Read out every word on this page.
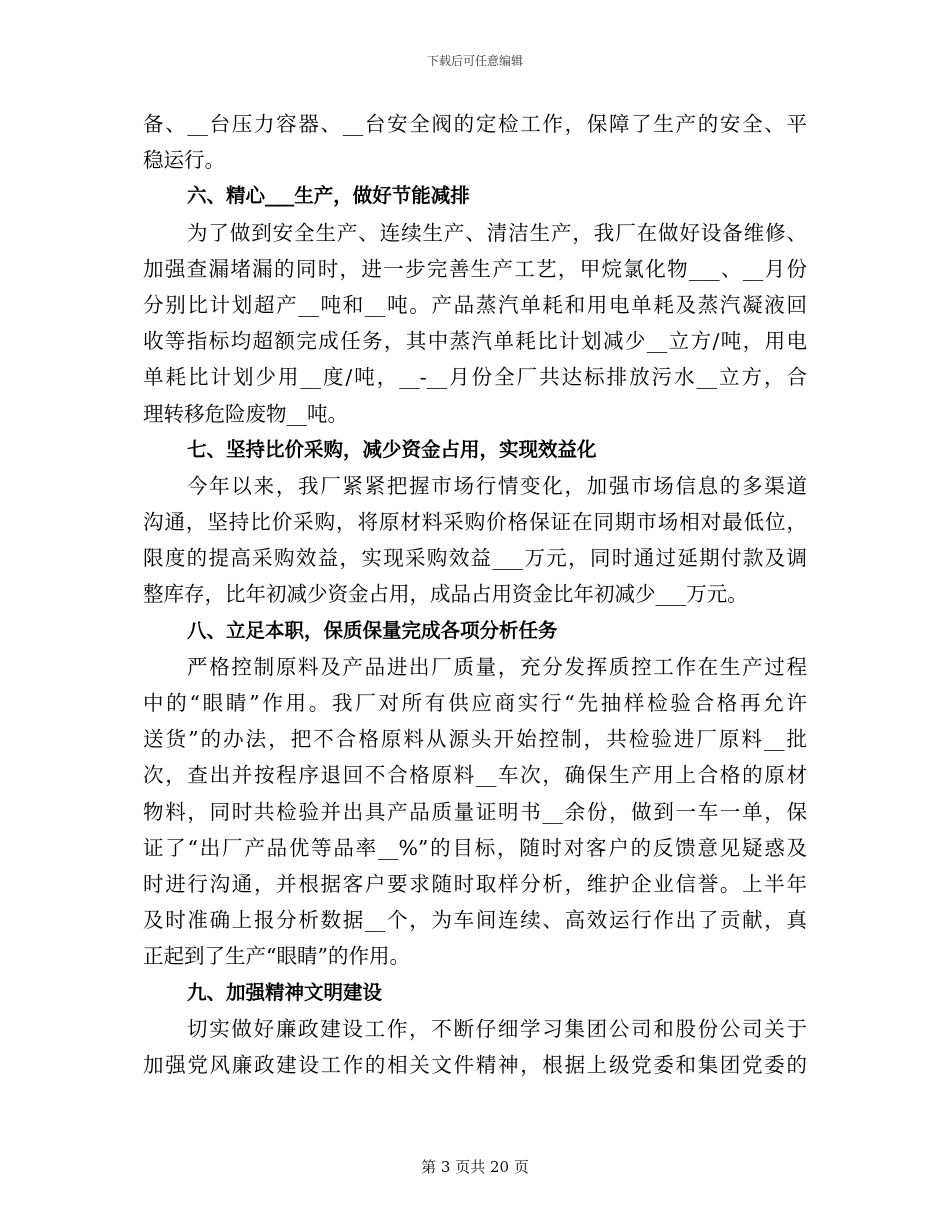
下载后可任意编辑
备、__台压力容器、__台安全阀的定检工作，保障了生产的安全、平
稳运行。
六、精心___生产，做好节能减排
为了做到安全生产、连续生产、清洁生产，我厂在做好设备维修、
加强查漏堵漏的同时，进一步完善生产工艺，甲烷氯化物___、__月份
分别比计划超产__吨和__吨。产品蒸汽单耗和用电单耗及蒸汽凝液回
收等指标均超额完成任务，其中蒸汽单耗比计划减少__立方/吨，用电
单耗比计划少用__度/吨，__-__月份全厂共达标排放污水__立方，合
理转移危险废物__吨。
七、坚持比价采购，减少资金占用，实现效益化
今年以来，我厂紧紧把握市场行情变化，加强市场信息的多渠道
沟通，坚持比价采购，将原材料采购价格保证在同期市场相对最低位，
限度的提高采购效益，实现采购效益___万元，同时通过延期付款及调
整库存，比年初减少资金占用，成品占用资金比年初减少___万元。
八、立足本职，保质保量完成各项分析任务
严格控制原料及产品进出厂质量，充分发挥质控工作在生产过程
中的“眼睛”作用。我厂对所有供应商实行“先抽样检验合格再允许
送货”的办法，把不合格原料从源头开始控制，共检验进厂原料__批
次，查出并按程序退回不合格原料__车次，确保生产用上合格的原材
物料，同时共检验并出具产品质量证明书__余份，做到一车一单，保
证了“出厂产品优等品率__%”的目标，随时对客户的反馈意见疑惑及
时进行沟通，并根据客户要求随时取样分析，维护企业信誉。上半年
及时准确上报分析数据__个，为车间连续、高效运行作出了贡献，真
正起到了生产“眼睛”的作用。
九、加强精神文明建设
切实做好廉政建设工作，不断仔细学习集团公司和股份公司关于
加强党风廉政建设工作的相关文件精神，根据上级党委和集团党委的
第 3 页共 20 页
